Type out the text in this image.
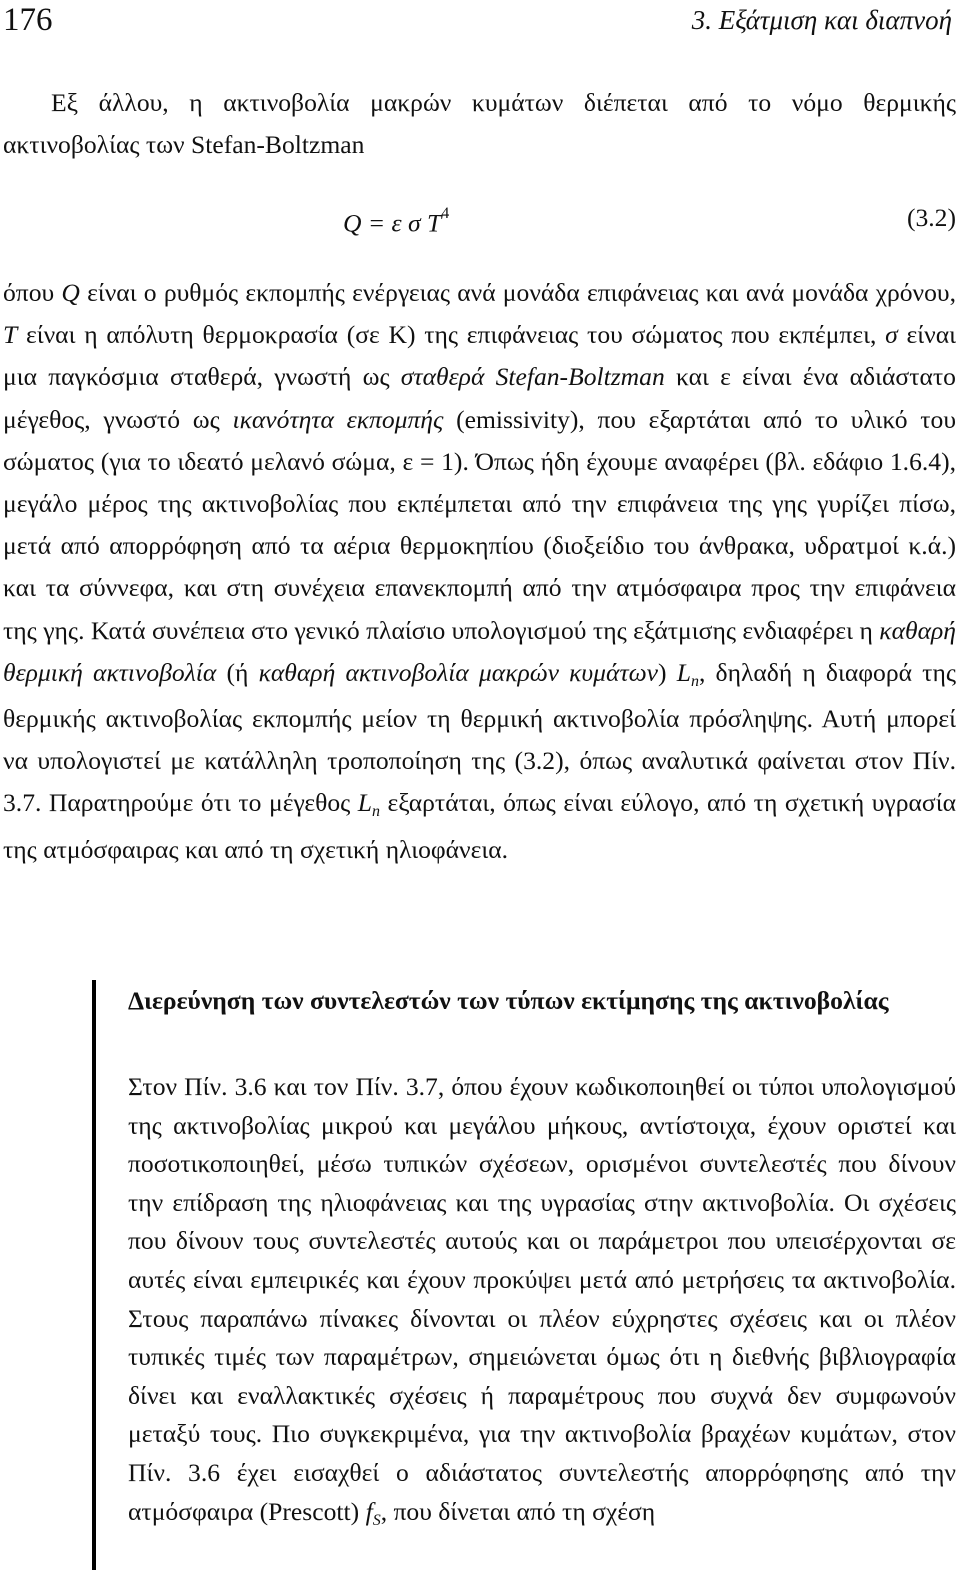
176	3. Εξάτμιση και διαπνοή

Εξ άλλου, η ακτινοβολία μακρών κυμάτων διέπεται από το νόμο θερμικής ακτινοβολίας των Stefan-Boltzman

Q = ε σ $T^4$	(3.2)

όπου Q είναι ο ρυθμός εκπομπής ενέργειας ανά μονάδα επιφάνειας και ανά μονάδα χρόνου, T είναι η απόλυτη θερμοκρασία (σε K) της επιφάνειας του σώματος που εκπέμπει, σ είναι μια παγκόσμια σταθερά, γνωστή ως σταθερά Stefan-Boltzman και ε είναι ένα αδιάστατο μέγεθος, γνωστό ως ικανότητα εκπομπής (emissivity), που εξαρτάται από το υλικό του σώματος (για το ιδεατό μελανό σώμα, ε = 1). Όπως ήδη έχουμε αναφέρει (βλ. εδάφιο 1.6.4), μεγάλο μέρος της ακτινοβολίας που εκπέμπεται από την επιφάνεια της γης γυρίζει πίσω, μετά από απορρόφηση από τα αέρια θερμοκηπίου (διοξείδιο του άνθρακα, υδρατμοί κ.ά.) και τα σύννεφα, και στη συνέχεια επανεκπομπή από την ατμόσφαιρα προς την επιφάνεια της γης. Κατά συνέπεια στο γενικό πλαίσιο υπολογισμού της εξάτμισης ενδιαφέρει η καθαρή θερμική ακτινοβολία (ή καθαρή ακτινοβολία μακρών κυμάτων) Ln, δηλαδή η διαφορά της θερμικής ακτινοβολίας εκπομπής μείον τη θερμική ακτινοβολία πρόσληψης. Αυτή μπορεί να υπολογιστεί με κατάλληλη τροποποίηση της (3.2), όπως αναλυτικά φαίνεται στον Πίν. 3.7. Παρατηρούμε ότι το μέγεθος Ln εξαρτάται, όπως είναι εύλογο, από τη σχετική υγρασία της ατμόσφαιρας και από τη σχετική ηλιοφάνεια.

Διερεύνηση των συντελεστών των τύπων εκτίμησης της ακτινοβολίας

Στον Πίν. 3.6 και τον Πίν. 3.7, όπου έχουν κωδικοποιηθεί οι τύποι υπολογισμού της ακτινοβολίας μικρού και μεγάλου μήκους, αντίστοιχα, έχουν οριστεί και ποσοτικοποιηθεί, μέσω τυπικών σχέσεων, ορισμένοι συντελεστές που δίνουν την επίδραση της ηλιοφάνειας και της υγρασίας στην ακτινοβολία. Οι σχέσεις που δίνουν τους συντελεστές αυτούς και οι παράμετροι που υπεισέρχονται σε αυτές είναι εμπειρικές και έχουν προκύψει μετά από μετρήσεις τα ακτινοβολία. Στους παραπάνω πίνακες δίνονται οι πλέον εύχρηστες σχέσεις και οι πλέον τυπικές τιμές των παραμέτρων, σημειώνεται όμως ότι η διεθνής βιβλιογραφία δίνει και εναλλακτικές σχέσεις ή παραμέτρους που συχνά δεν συμφωνούν μεταξύ τους. Πιο συγκεκριμένα, για την ακτινοβολία βραχέων κυμάτων, στον Πίν. 3.6 έχει εισαχθεί ο αδιάστατος συντελεστής απορρόφησης από την ατμόσφαιρα (Prescott) fS, που δίνεται από τη σχέση
